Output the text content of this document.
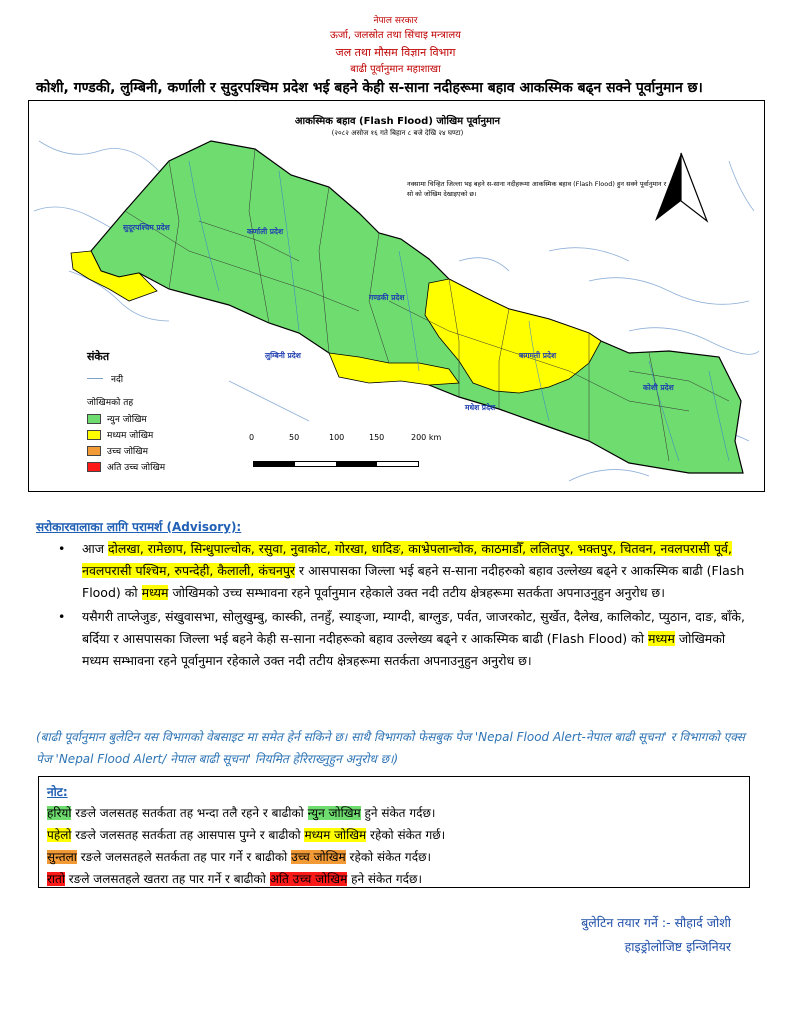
नेपाल सरकार
ऊर्जा, जलस्रोत तथा सिंचाइ मन्त्रालय
जल तथा मौसम विज्ञान विभाग
बाढी पूर्वानुमान महाशाखा
कोशी, गण्डकी, लुम्बिनी, कर्णाली र सुदुरपश्चिम प्रदेश भई बहने केही स-साना नदीहरूमा बहाव आकस्मिक बढ्न सक्ने पूर्वानुमान छ।
आकस्मिक बहाव (Flash Flood) जोखिम पूर्वानुमान
(२०८२ असोज १६ गते बिहान ८ बजे देखि २४ घण्टा)
नक्सामा चिन्हित जिल्ला भइ बहने स-साना नदीहरूमा आकस्मिक बहाव (Flash Flood) हुन सक्ने पूर्वानुमान र सो को जोखिम देखाइएको छ।
सुदूरपश्चिम प्रदेश	कर्णाली प्रदेश
गण्डकी प्रदेश
लुम्बिनी प्रदेश	बागमती प्रदेश
मधेश प्रदेश
कोशी प्रदेश
संकेत
नदी
जोखिमको तह
न्युन जोखिम
मध्यम जोखिम
उच्च जोखिम
अति उच्च जोखिम
0	50	100	150	200 km
सरोकारवालाका लागि परामर्श (Advisory):
• आज दोलखा, रामेछाप, सिन्धुपाल्चोक, रसुवा, नुवाकोट, गोरखा, धादिङ, काभ्रेपलान्चोक, काठमाडौँ, ललितपुर, भक्तपुर, चितवन, नवलपरासी पूर्व, नवलपरासी पश्चिम, रुपन्देही, कैलाली, कंचनपुर र आसपासका जिल्ला भई बहने स-साना नदीहरुको बहाव उल्लेख्य बढ्ने र आकस्मिक बाढी (Flash Flood) को मध्यम जोखिमको उच्च सम्भावना रहने पूर्वानुमान रहेकाले उक्त नदी तटीय क्षेत्रहरूमा सतर्कता अपनाउनुहुन अनुरोध छ।
• यसैगरी ताप्लेजुङ, संखुवासभा, सोलुखुम्बु, कास्की, तनहुँ, स्याङ्जा, म्याग्दी, बाग्लुङ, पर्वत, जाजरकोट, सुर्खेत, दैलेख, कालिकोट, प्युठान, दाङ, बाँके, बर्दिया र आसपासका जिल्ला भई बहने केही स-साना नदीहरूको बहाव उल्लेख्य बढ्ने र आकस्मिक बाढी (Flash Flood) को मध्यम जोखिमको मध्यम सम्भावना रहने पूर्वानुमान रहेकाले उक्त नदी तटीय क्षेत्रहरूमा सतर्कता अपनाउनुहुन अनुरोध छ।
(बाढी पूर्वानुमान बुलेटिन यस विभागको वेबसाइट मा समेत हेर्न सकिने छ। साथै विभागको फेसबुक पेज 'Nepal Flood Alert-नेपाल बाढी सूचना' र विभागको एक्स पेज 'Nepal Flood Alert/ नेपाल बाढी सूचना' नियमित हेरिराख्नुहुन अनुरोध छ।)
नोट:
हरियो रङले जलसतह सतर्कता तह भन्दा तलै रहने र बाढीको न्युन जोखिम हुने संकेत गर्दछ।
पहेलो रङले जलसतह सतर्कता तह आसपास पुग्ने र बाढीको मध्यम जोखिम रहेको संकेत गर्छ।
सुन्तला रङले जलसतहले सतर्कता तह पार गर्ने र बाढीको उच्च जोखिम रहेको संकेत गर्दछ।
रातो रङले जलसतहले खतरा तह पार गर्ने र बाढीको अति उच्च जोखिम हने संकेत गर्दछ।
बुलेटिन तयार गर्ने :- सौहार्द जोशी
हाइड्रोलोजिष्ट इन्जिनियर
